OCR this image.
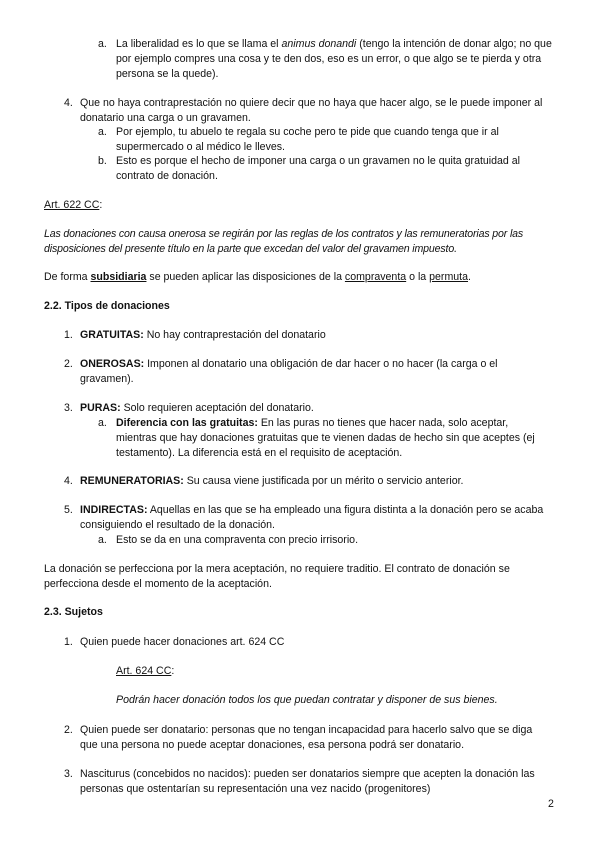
a. La liberalidad es lo que se llama el animus donandi (tengo la intención de donar algo; no que por ejemplo compres una cosa y te den dos, eso es un error, o que algo se te pierda y otra persona se la quede).
4. Que no haya contraprestación no quiere decir que no haya que hacer algo, se le puede imponer al donatario una carga o un gravamen.
a. Por ejemplo, tu abuelo te regala su coche pero te pide que cuando tenga que ir al supermercado o al médico le lleves.
b. Esto es porque el hecho de imponer una carga o un gravamen no le quita gratuidad al contrato de donación.
Art. 622 CC:
Las donaciones con causa onerosa se regirán por las reglas de los contratos y las remuneratorias por las disposiciones del presente título en la parte que excedan del valor del gravamen impuesto.
De forma subsidiaria se pueden aplicar las disposiciones de la compraventa o la permuta.
2.2. Tipos de donaciones
1. GRATUITAS: No hay contraprestación del donatario
2. ONEROSAS: Imponen al donatario una obligación de dar hacer o no hacer (la carga o el gravamen).
3. PURAS: Solo requieren aceptación del donatario.
a. Diferencia con las gratuitas: En las puras no tienes que hacer nada, solo aceptar, mientras que hay donaciones gratuitas que te vienen dadas de hecho sin que aceptes (ej testamento). La diferencia está en el requisito de aceptación.
4. REMUNERATORIAS: Su causa viene justificada por un mérito o servicio anterior.
5. INDIRECTAS: Aquellas en las que se ha empleado una figura distinta a la donación pero se acaba consiguiendo el resultado de la donación.
a. Esto se da en una compraventa con precio irrisorio.
La donación se perfecciona por la mera aceptación, no requiere traditio. El contrato de donación se perfecciona desde el momento de la aceptación.
2.3. Sujetos
1. Quien puede hacer donaciones art. 624 CC
Art. 624 CC:
Podrán hacer donación todos los que puedan contratar y disponer de sus bienes.
2. Quien puede ser donatario: personas que no tengan incapacidad para hacerlo salvo que se diga que una persona no puede aceptar donaciones, esa persona podrá ser donatario.
3. Nasciturus (concebidos no nacidos): pueden ser donatarios siempre que acepten la donación las personas que ostentarían su representación una vez nacido (progenitores)
2
